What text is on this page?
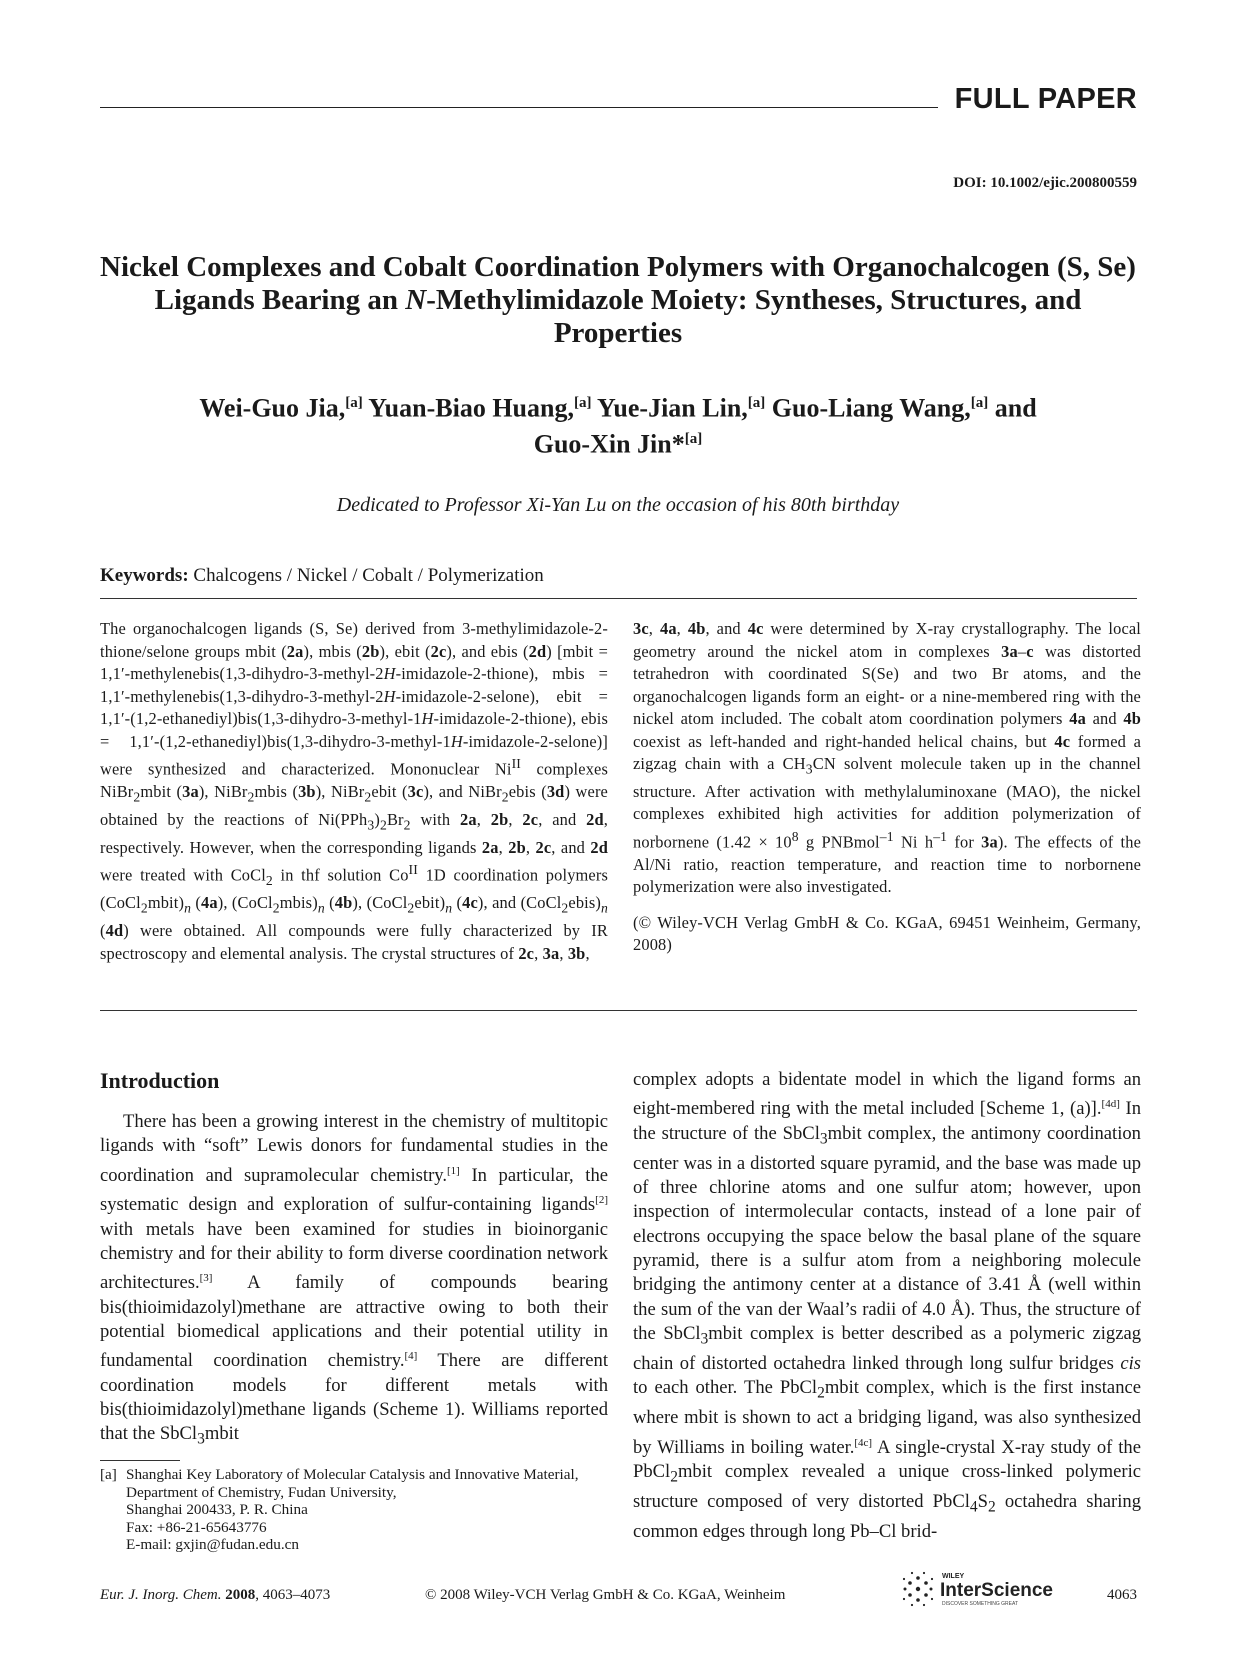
FULL PAPER
DOI: 10.1002/ejic.200800559
Nickel Complexes and Cobalt Coordination Polymers with Organochalcogen (S, Se) Ligands Bearing an N-Methylimidazole Moiety: Syntheses, Structures, and Properties
Wei-Guo Jia,[a] Yuan-Biao Huang,[a] Yue-Jian Lin,[a] Guo-Liang Wang,[a] and
Guo-Xin Jin*[a]
Dedicated to Professor Xi-Yan Lu on the occasion of his 80th birthday
Keywords: Chalcogens / Nickel / Cobalt / Polymerization
The organochalcogen ligands (S, Se) derived from 3-methylimidazole-2-thione/selone groups mbit (2a), mbis (2b), ebit (2c), and ebis (2d) [mbit = 1,1′-methylenebis(1,3-dihydro-3-methyl-2H-imidazole-2-thione), mbis = 1,1′-methylenebis(1,3-dihydro-3-methyl-2H-imidazole-2-selone), ebit = 1,1′-(1,2-ethanediyl)bis(1,3-dihydro-3-methyl-1H-imidazole-2-thione), ebis = 1,1′-(1,2-ethanediyl)bis(1,3-dihydro-3-methyl-1H-imidazole-2-selone)] were synthesized and characterized. Mononuclear $Ni^{II}$ complexes NiBr$_2$mbit (3a), NiBr$_2$mbis (3b), NiBr$_2$ebit (3c), and NiBr$_2$ebis (3d) were obtained by the reactions of $Ni(PPh_3)_2Br_2$ with 2a, 2b, 2c, and 2d, respectively. However, when the corresponding ligands 2a, 2b, 2c, and 2d were treated with CoCl$_2$ in thf solution $Co^{II}$ 1D coordination polymers $(CoCl_2mbit)_n$ (4a), $(CoCl_2mbis)_n$ (4b), $(CoCl_2ebit)_n$ (4c), and $(CoCl_2ebis)_n$ (4d) were obtained. All compounds were fully characterized by IR spectroscopy and elemental analysis. The crystal structures of 2c, 3a, 3b,
3c, 4a, 4b, and 4c were determined by X-ray crystallography. The local geometry around the nickel atom in complexes 3a–c was distorted tetrahedron with coordinated S(Se) and two Br atoms, and the organochalcogen ligands form an eight- or a nine-membered ring with the nickel atom included. The cobalt atom coordination polymers 4a and 4b coexist as left-handed and right-handed helical chains, but 4c formed a zigzag chain with a $CH_3CN$ solvent molecule taken up in the channel structure. After activation with methylaluminoxane (MAO), the nickel complexes exhibited high activities for addition polymerization of norbornene ($1.42 \times 10^8$ g PNBmol$^{-1}$ Ni $h^{-1}$ for 3a). The effects of the Al/Ni ratio, reaction temperature, and reaction time to norbornene polymerization were also investigated.
(© Wiley-VCH Verlag GmbH & Co. KGaA, 69451 Weinheim, Germany, 2008)
Introduction

There has been a growing interest in the chemistry of multitopic ligands with “soft” Lewis donors for fundamental studies in the coordination and supramolecular chemistry.[1] In particular, the systematic design and exploration of sulfur-containing ligands[2] with metals have been examined for studies in bioinorganic chemistry and for their ability to form diverse coordination network architectures.[3] A family of compounds bearing bis(thioimidazolyl)methane are attractive owing to both their potential biomedical applications and their potential utility in fundamental coordination chemistry.[4] There are different coordination models for different metals with bis(thioimidazolyl)methane ligands (Scheme 1). Williams reported that the SbCl$_3$mbit

complex adopts a bidentate model in which the ligand forms an eight-membered ring with the metal included [Scheme 1, (a)].[4d] In the structure of the SbCl$_3$mbit complex, the antimony coordination center was in a distorted square pyramid, and the base was made up of three chlorine atoms and one sulfur atom; however, upon inspection of intermolecular contacts, instead of a lone pair of electrons occupying the space below the basal plane of the square pyramid, there is a sulfur atom from a neighboring molecule bridging the antimony center at a distance of 3.41 Å (well within the sum of the van der Waal’s radii of 4.0 Å). Thus, the structure of the SbCl$_3$mbit complex is better described as a polymeric zigzag chain of distorted octahedra linked through long sulfur bridges cis to each other. The PbCl$_2$mbit complex, which is the first instance where mbit is shown to act a bridging ligand, was also synthesized by Williams in boiling water.[4c] A single-crystal X-ray study of the PbCl$_2$mbit complex revealed a unique cross-linked polymeric structure composed of very distorted $PbCl_4S_2$ octahedra sharing common edges through long Pb–Cl brid-
[a] Shanghai Key Laboratory of Molecular Catalysis and Innovative Material, Department of Chemistry, Fudan University,
Shanghai 200433, P. R. China
Fax: +86-21-65643776
E-mail: gxjin@fudan.edu.cn
Eur. J. Inorg. Chem. 2008, 4063–4073	© 2008 Wiley-VCH Verlag GmbH & Co. KGaA, Weinheim
WILEY
InterScience
DISCOVER SOMETHING GREAT
4063
